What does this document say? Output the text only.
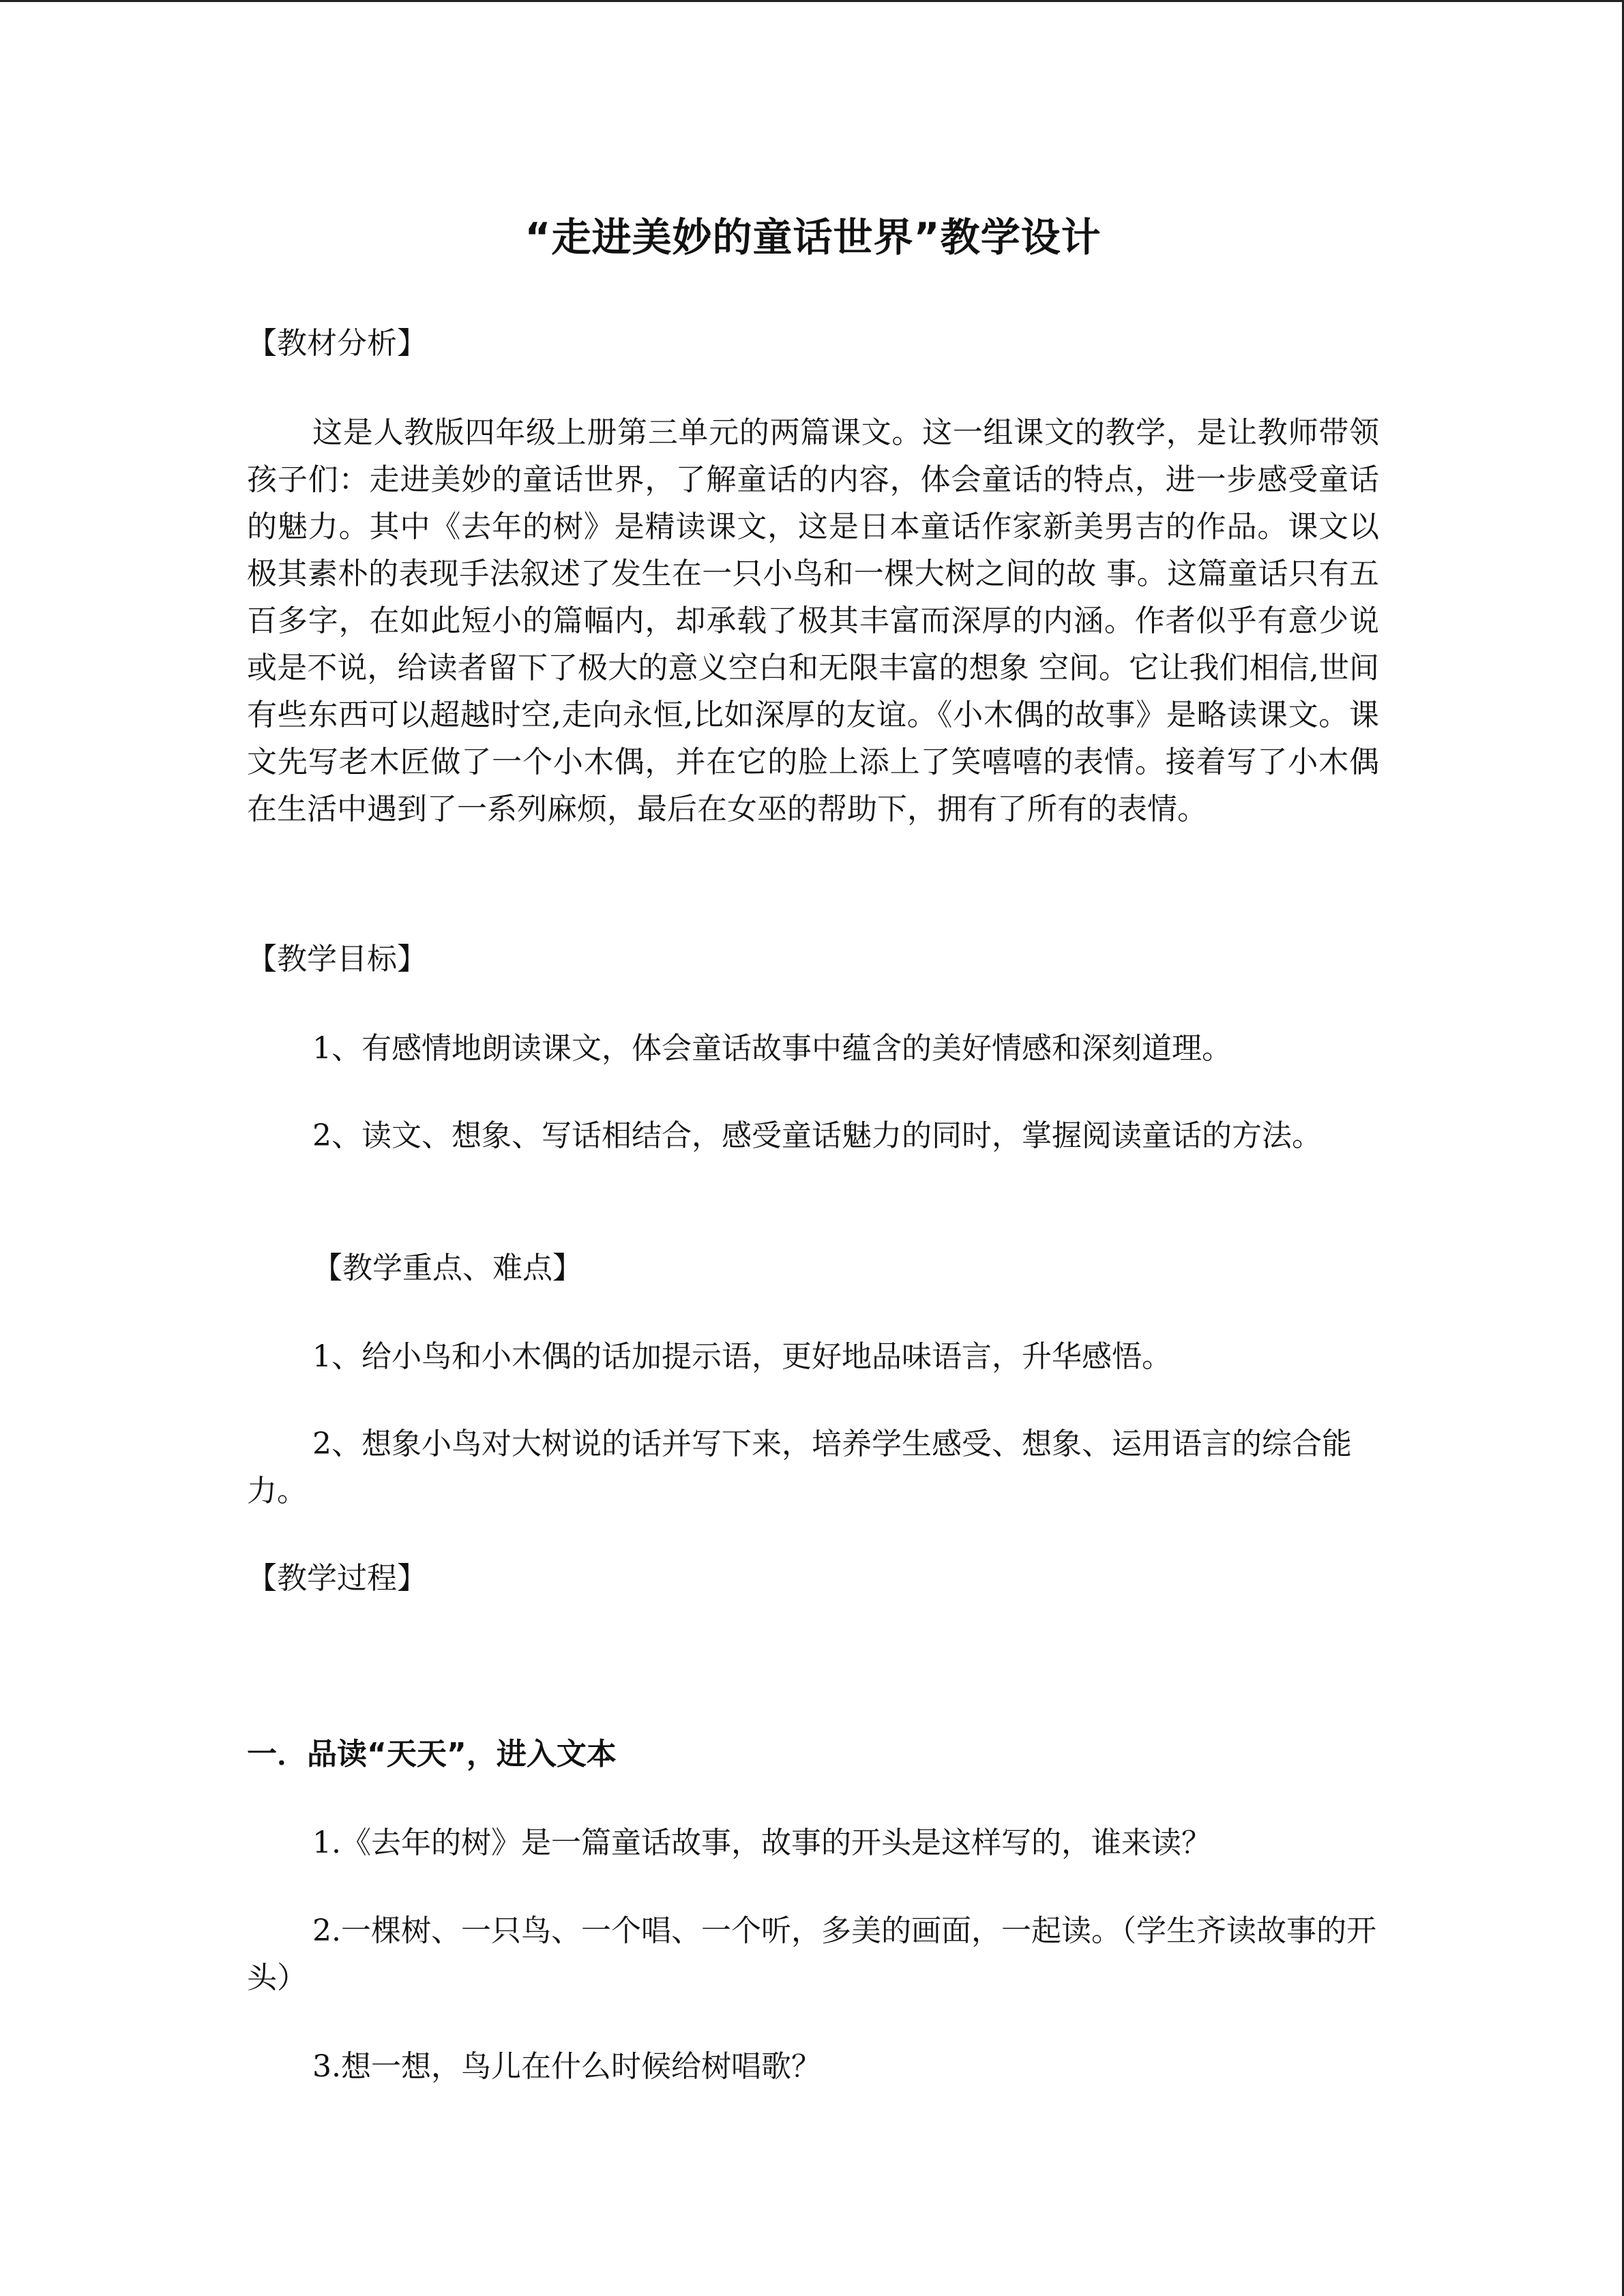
“走进美妙的童话世界”教学设计
【教材分析】
这是人教版四年级上册第三单元的两篇课文。这一组课文的教学，是让教师带领孩子们：走进美妙的童话世界，了解童话的内容，体会童话的特点，进一步感受童话的魅力。其中《去年的树》是精读课文，这是日本童话作家新美男吉的作品。课文以极其素朴的表现手法叙述了发生在一只小鸟和一棵大树之间的故 事。这篇童话只有五百多字，在如此短小的篇幅内，却承载了极其丰富而深厚的内涵。作者似乎有意少说或是不说，给读者留下了极大的意义空白和无限丰富的想象 空间。它让我们相信,世间有些东西可以超越时空,走向永恒,比如深厚的友谊。《小木偶的故事》是略读课文。课文先写老木匠做了一个小木偶，并在它的脸上添上了笑嘻嘻的表情。接着写了小木偶在生活中遇到了一系列麻烦，最后在女巫的帮助下，拥有了所有的表情。
【教学目标】
1、有感情地朗读课文，体会童话故事中蕴含的美好情感和深刻道理。
2、读文、想象、写话相结合，感受童话魅力的同时，掌握阅读童话的方法。
【教学重点、难点】
1、给小鸟和小木偶的话加提示语，更好地品味语言，升华感悟。
2、想象小鸟对大树说的话并写下来，培养学生感受、想象、运用语言的综合能力。
【教学过程】
一．品读“天天”，进入文本
1.《去年的树》是一篇童话故事，故事的开头是这样写的，谁来读？
2.一棵树、一只鸟、一个唱、一个听，多美的画面，一起读。（学生齐读故事的开头）
3.想一想，鸟儿在什么时候给树唱歌？
